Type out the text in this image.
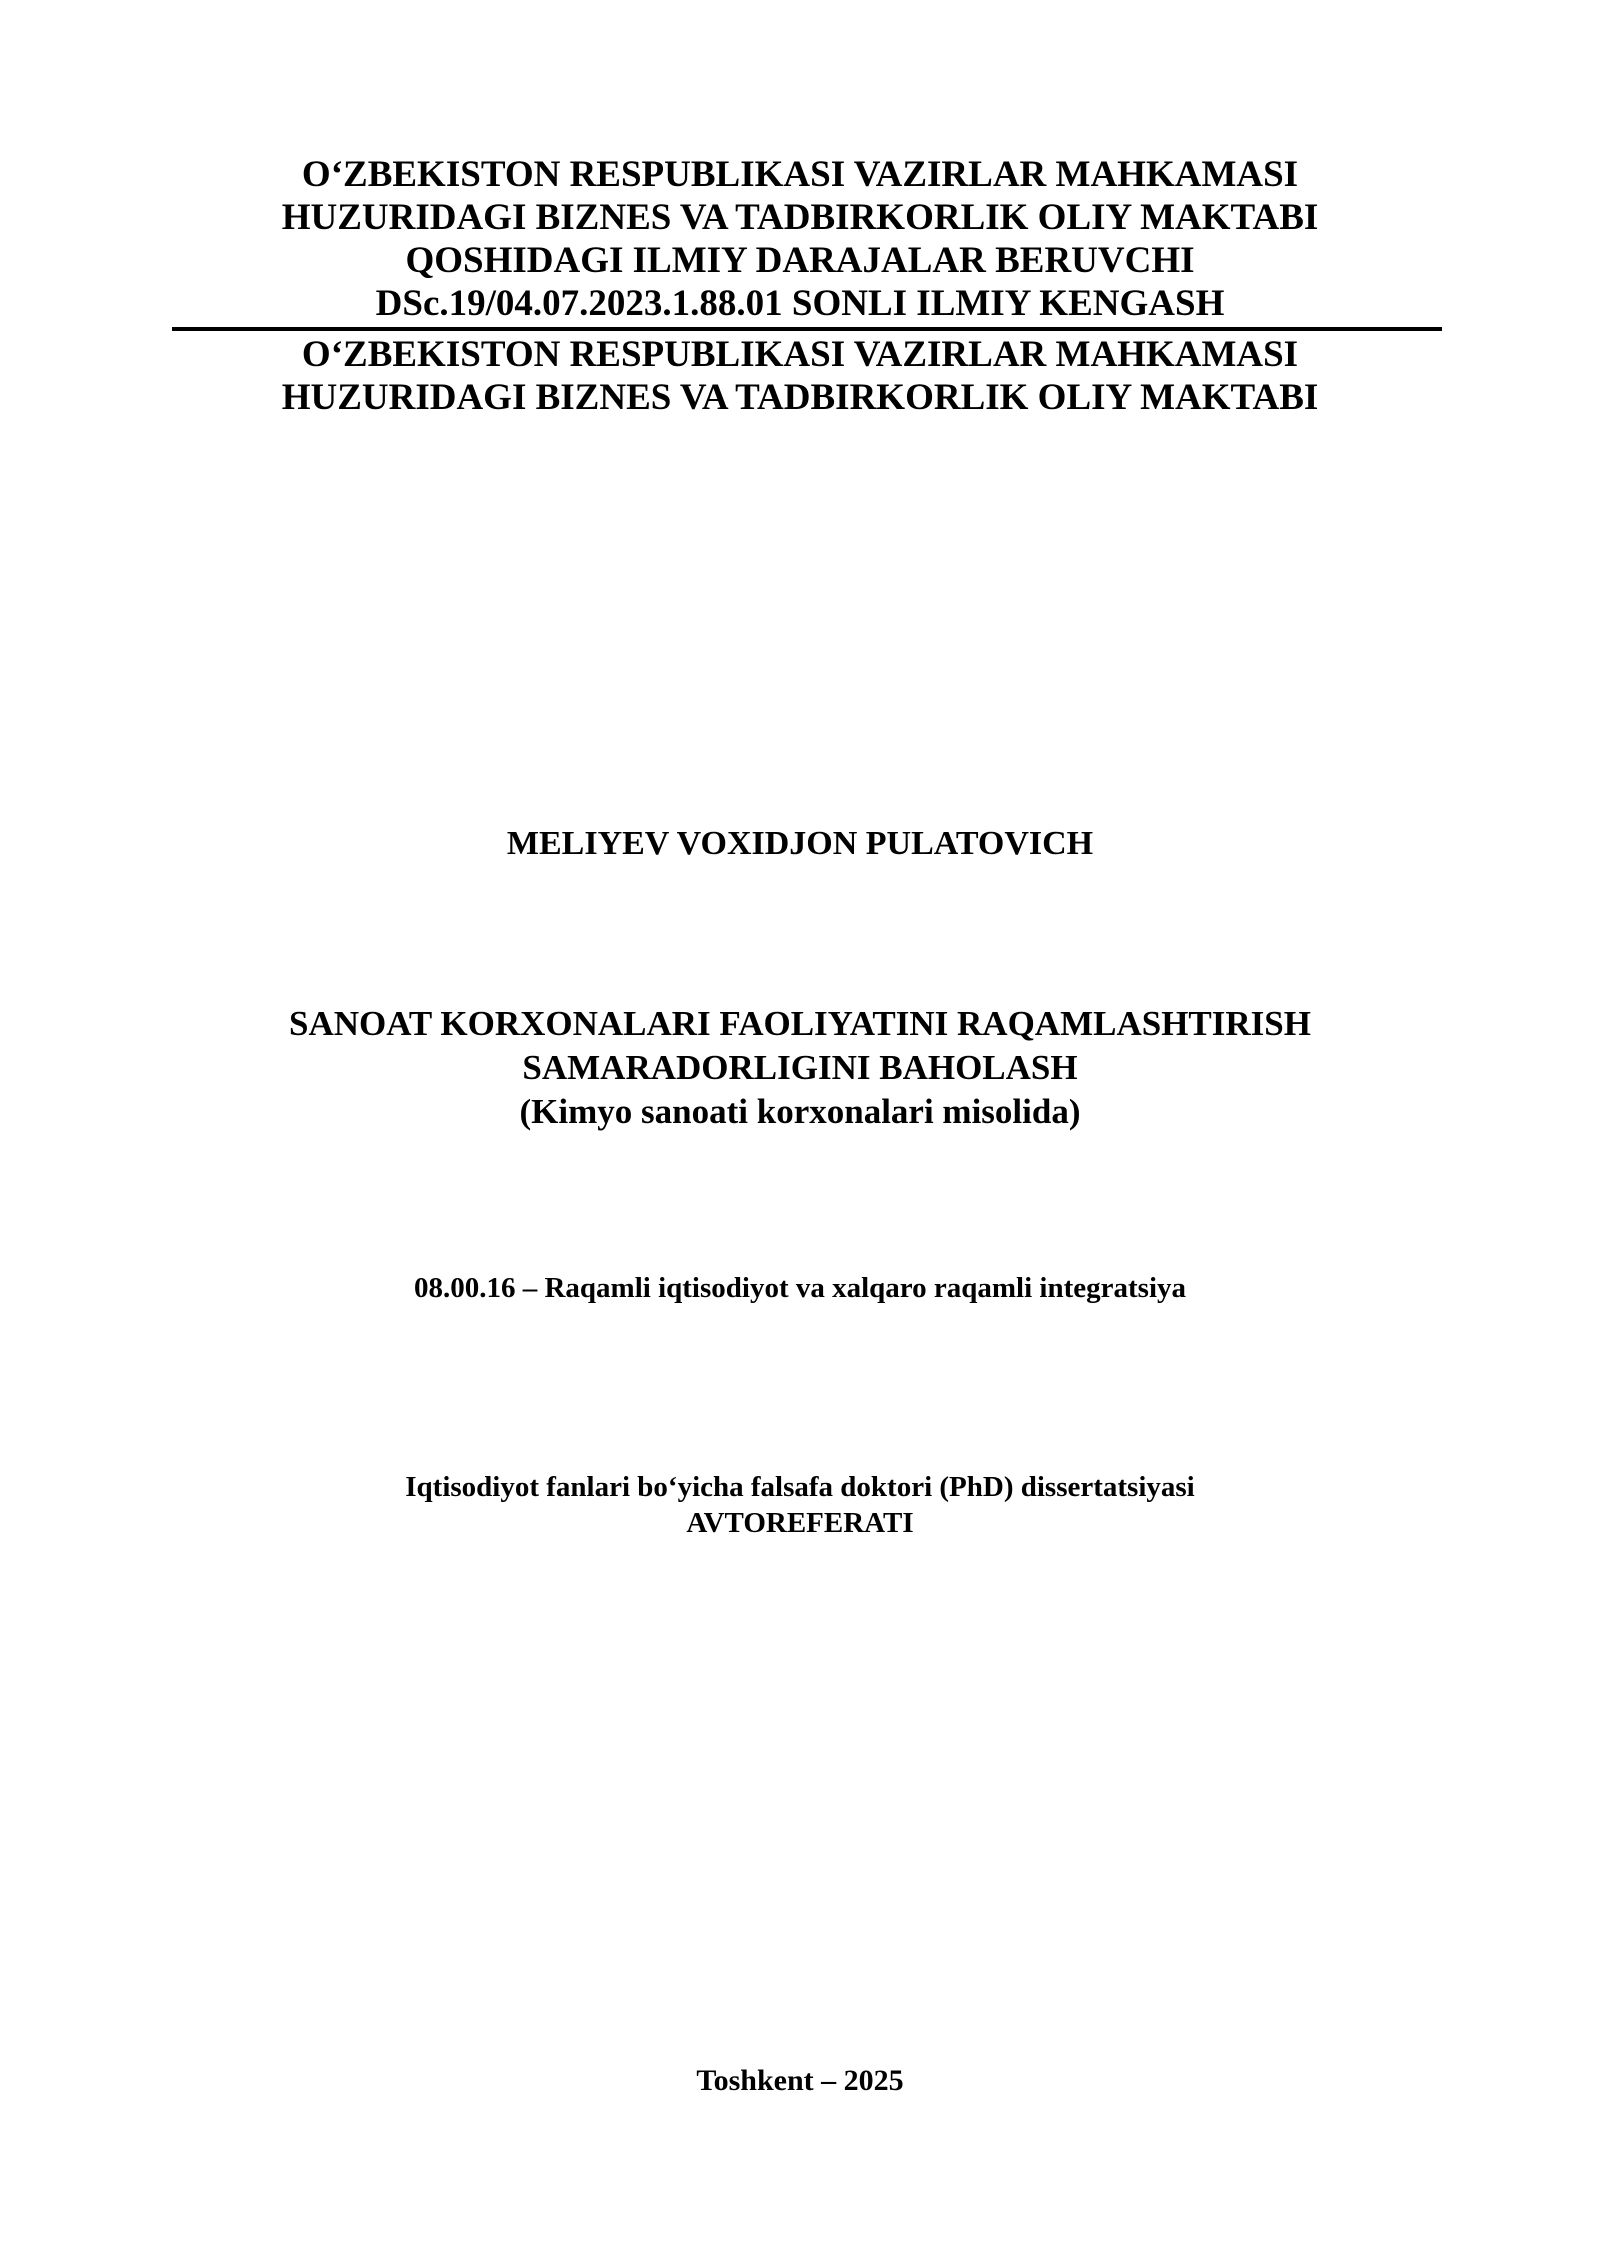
O‘ZBEKISTON RESPUBLIKASI VAZIRLAR MAHKAMASI
HUZURIDAGI BIZNES VA TADBIRKORLIK OLIY MAKTABI
QOSHIDAGI ILMIY DARAJALAR BERUVCHI
DSc.19/04.07.2023.1.88.01 SONLI ILMIY KENGASH
O‘ZBEKISTON RESPUBLIKASI VAZIRLAR MAHKAMASI
HUZURIDAGI BIZNES VA TADBIRKORLIK OLIY MAKTABI
MELIYEV VOXIDJON PULATOVICH
SANOAT KORXONALARI FAOLIYATINI RAQAMLASHTIRISH
SAMARADORLIGINI BAHOLASH
(Kimyo sanoati korxonalari misolida)
08.00.16 – Raqamli iqtisodiyot va xalqaro raqamli integratsiya
Iqtisodiyot fanlari bo‘yicha falsafa doktori (PhD) dissertatsiyasi
AVTOREFERATI
Toshkent – 2025
